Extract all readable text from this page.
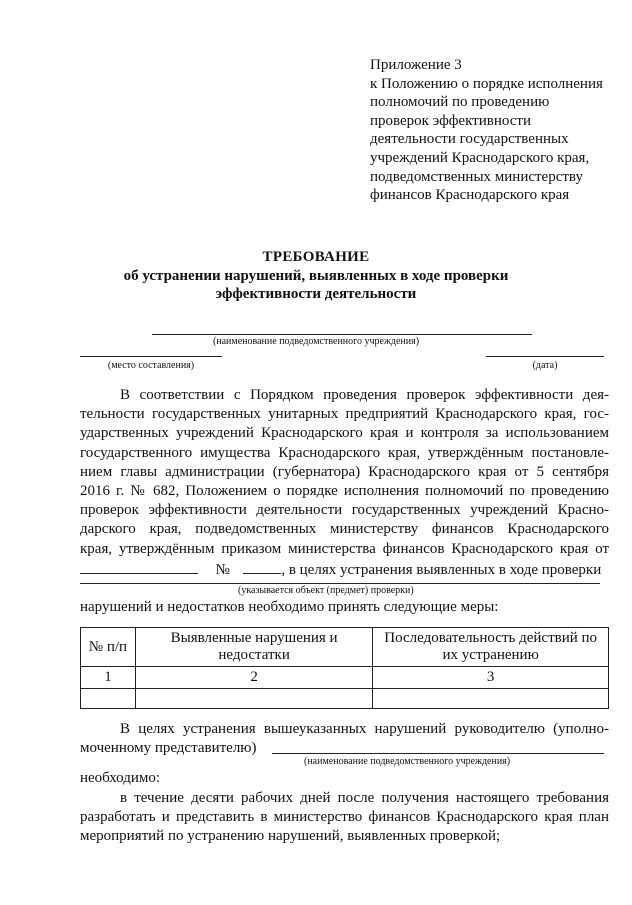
Приложение 3
к Положению о порядке исполнения
полномочий по проведению
проверок эффективности
деятельности государственных
учреждений Краснодарского края,
подведомственных министерству
финансов Краснодарского края
ТРЕБОВАНИЕ
об устранении нарушений, выявленных в ходе проверки
эффективности деятельности
(наименование подведомственного учреждения)
(место составления)	(дата)
В соответствии с Порядком проведения проверок эффективности дея-
тельности государственных унитарных предприятий Краснодарского края, гос-
ударственных учреждений Краснодарского края и контроля за использованием
государственного имущества Краснодарского края, утверждённым постановле-
нием главы администрации (губернатора) Краснодарского края от 5 сентября
2016 г. № 682, Положением о порядке исполнения полномочий по проведению
проверок эффективности деятельности государственных учреждений Красно-
дарского края, подведомственных министерству финансов Краснодарского
края, утверждённым приказом министерства финансов Краснодарского края от
№	, в целях устранения выявленных в ходе проверки
(указывается объект (предмет) проверки)
нарушений и недостатков необходимо принять следующие меры:
№ п/п	Выявленные нарушения и недостатки	Последовательность действий по их устранению
1	2	3

В целях устранения вышеуказанных нарушений руководителю (уполно-
моченному представителю)
(наименование подведомственного учреждения)
необходимо:
в течение десяти рабочих дней после получения настоящего требования
разработать и представить в министерство финансов Краснодарского края план
мероприятий по устранению нарушений, выявленных проверкой;
